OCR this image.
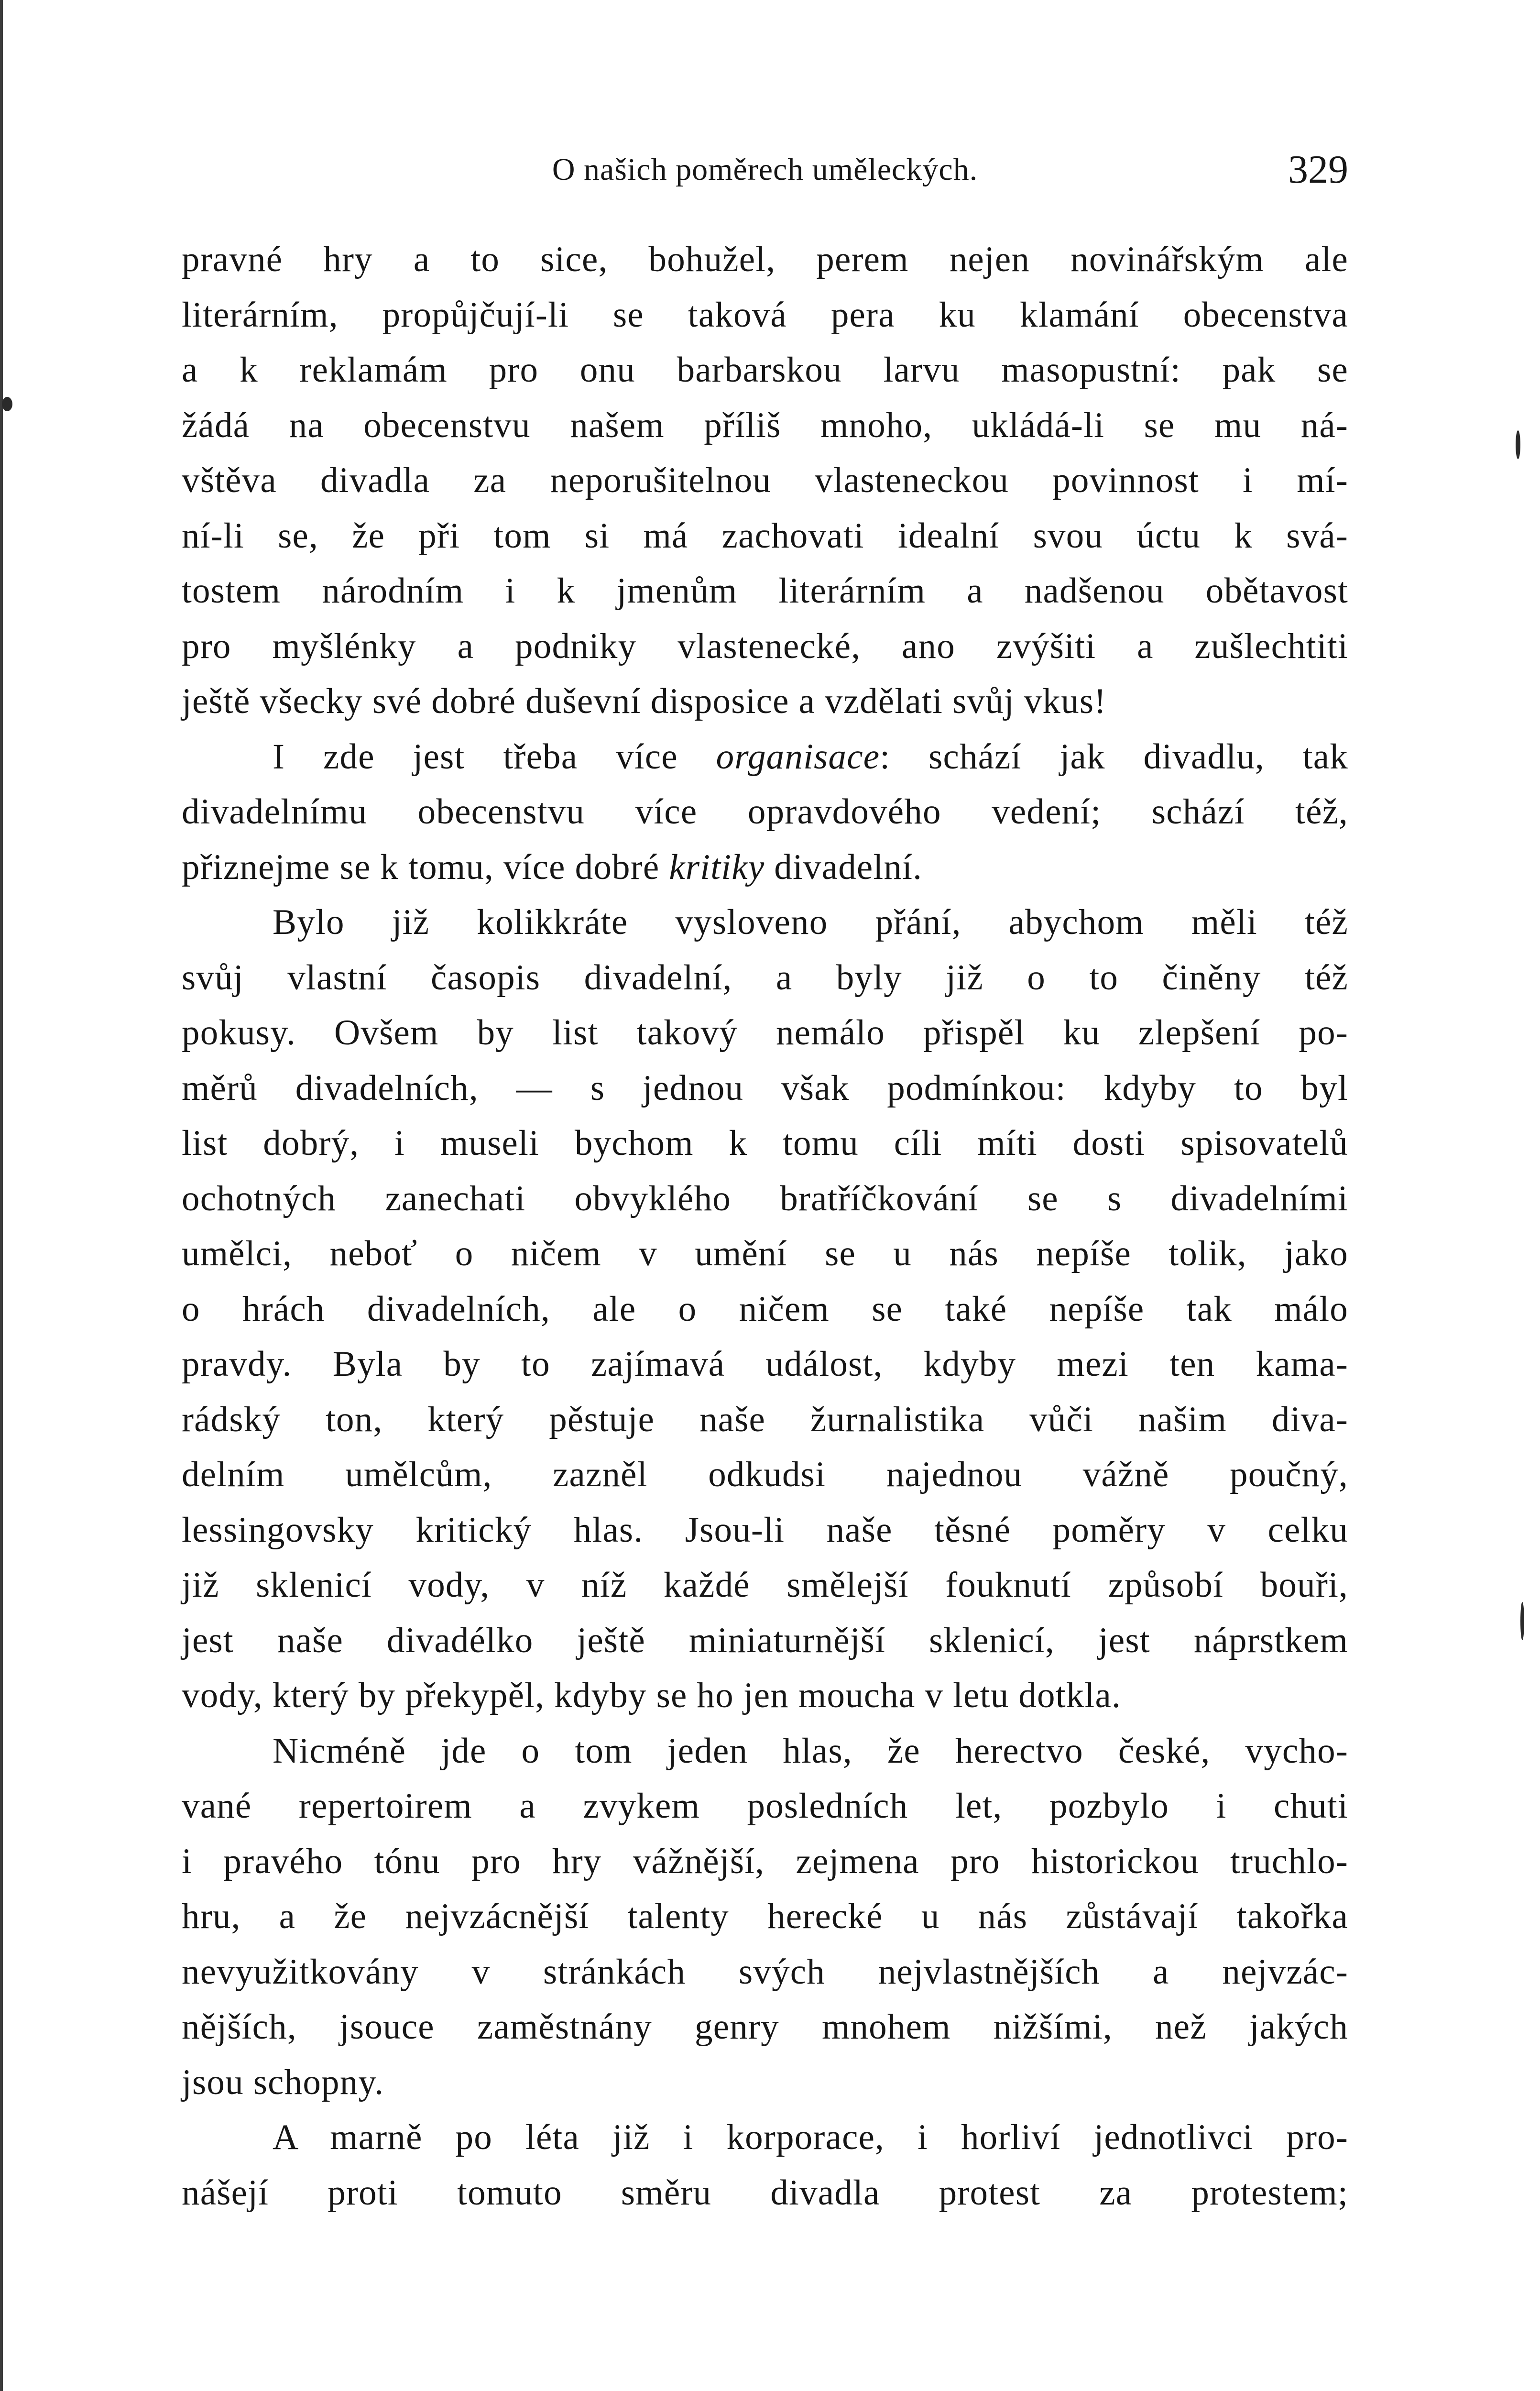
O našich poměrech uměleckých.	329
pravné hry a to sice, bohužel, perem nejen novinářským ale
literárním, propůjčují-li se taková pera ku klamání obecenstva
a k reklamám pro onu barbarskou larvu masopustní: pak se
žádá na obecenstvu našem příliš mnoho, ukládá-li se mu ná-
vštěva divadla za neporušitelnou vlasteneckou povinnost i mí-
ní-li se, že při tom si má zachovati idealní svou úctu k svá-
tostem národním i k jmenům literárním a nadšenou obětavost
pro myšlénky a podniky vlastenecké, ano zvýšiti a zušlechtiti
ještě všecky své dobré duševní disposice a vzdělati svůj vkus!
I zde jest třeba více organisace: schází jak divadlu, tak
divadelnímu obecenstvu více opravdového vedení; schází též,
přiznejme se k tomu, více dobré kritiky divadelní.
Bylo již kolikkráte vysloveno přání, abychom měli též
svůj vlastní časopis divadelní, a byly již o to činěny též
pokusy. Ovšem by list takový nemálo přispěl ku zlepšení po-
měrů divadelních, — s jednou však podmínkou: kdyby to byl
list dobrý, i museli bychom k tomu cíli míti dosti spisovatelů
ochotných zanechati obvyklého bratříčkování se s divadelními
umělci, neboť o ničem v umění se u nás nepíše tolik, jako
o hrách divadelních, ale o ničem se také nepíše tak málo
pravdy. Byla by to zajímavá událost, kdyby mezi ten kama-
rádský ton, který pěstuje naše žurnalistika vůči našim diva-
delním umělcům, zazněl odkudsi najednou vážně poučný,
lessingovsky kritický hlas. Jsou-li naše těsné poměry v celku
již sklenicí vody, v níž každé smělejší fouknutí způsobí bouři,
jest naše divadélko ještě miniaturnější sklenicí, jest náprstkem
vody, který by překypěl, kdyby se ho jen moucha v letu dotkla.
Nicméně jde o tom jeden hlas, že herectvo české, vycho-
vané repertoirem a zvykem posledních let, pozbylo i chuti
i pravého tónu pro hry vážnější, zejmena pro historickou truchlo-
hru, a že nejvzácnější talenty herecké u nás zůstávají takořka
nevyužitkovány v stránkách svých nejvlastnějších a nejvzác-
nějších, jsouce zaměstnány genry mnohem nižšími, než jakých
jsou schopny.
A marně po léta již i korporace, i horliví jednotlivci pro-
nášejí proti tomuto směru divadla protest za protestem;
